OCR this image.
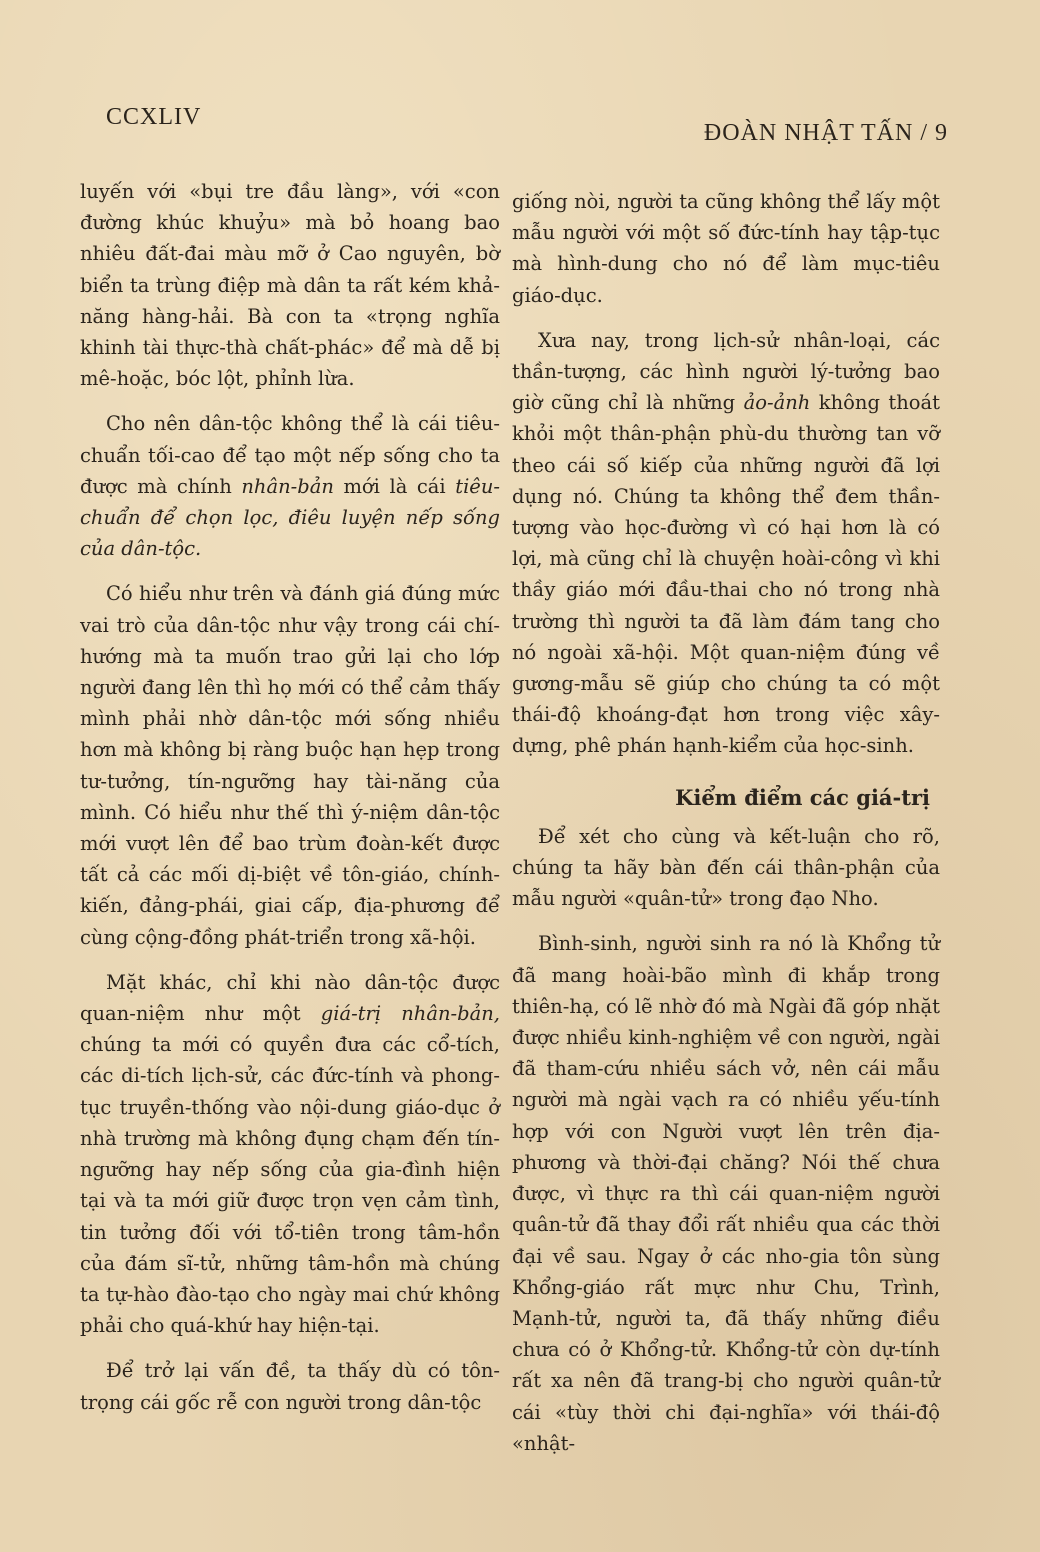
CCXLIV
ĐOÀN NHẬT TẤN / 9

luyến với «bụi tre đầu làng», với «con đường khúc khuỷu» mà bỏ hoang bao nhiêu đất-đai màu mỡ ở Cao nguyên, bờ biển ta trùng điệp mà dân ta rất kém khả-năng hàng-hải. Bà con ta «trọng nghĩa khinh tài thực-thà chất-phác» để mà dễ bị mê-hoặc, bóc lột, phỉnh lừa.

Cho nên dân-tộc không thể là cái tiêu-chuẩn tối-cao để tạo một nếp sống cho ta được mà chính nhân-bản mới là cái tiêu-chuẩn để chọn lọc, điêu luyện nếp sống của dân-tộc.

Có hiểu như trên và đánh giá đúng mức vai trò của dân-tộc như vậy trong cái chí-hướng mà ta muốn trao gửi lại cho lớp người đang lên thì họ mới có thể cảm thấy mình phải nhờ dân-tộc mới sống nhiều hơn mà không bị ràng buộc hạn hẹp trong tư-tưởng, tín-ngưỡng hay tài-năng của mình. Có hiểu như thế thì ý-niệm dân-tộc mới vượt lên để bao trùm đoàn-kết được tất cả các mối dị-biệt về tôn-giáo, chính-kiến, đảng-phái, giai cấp, địa-phương để cùng cộng-đồng phát-triển trong xã-hội.

Mặt khác, chỉ khi nào dân-tộc được quan-niệm như một giá-trị nhân-bản, chúng ta mới có quyền đưa các cổ-tích, các di-tích lịch-sử, các đức-tính và phong-tục truyền-thống vào nội-dung giáo-dục ở nhà trường mà không đụng chạm đến tín-ngưỡng hay nếp sống của gia-đình hiện tại và ta mới giữ được trọn vẹn cảm tình, tin tưởng đối với tổ-tiên trong tâm-hồn của đám sĩ-tử, những tâm-hồn mà chúng ta tự-hào đào-tạo cho ngày mai chứ không phải cho quá-khứ hay hiện-tại.

Để trở lại vấn đề, ta thấy dù có tôn-trọng cái gốc rễ con người trong dân-tộc

giống nòi, người ta cũng không thể lấy một mẫu người với một số đức-tính hay tập-tục mà hình-dung cho nó để làm mục-tiêu giáo-dục.

Xưa nay, trong lịch-sử nhân-loại, các thần-tượng, các hình người lý-tưởng bao giờ cũng chỉ là những ảo-ảnh không thoát khỏi một thân-phận phù-du thường tan vỡ theo cái số kiếp của những người đã lợi dụng nó. Chúng ta không thể đem thần-tượng vào học-đường vì có hại hơn là có lợi, mà cũng chỉ là chuyện hoài-công vì khi thầy giáo mới đầu-thai cho nó trong nhà trường thì người ta đã làm đám tang cho nó ngoài xã-hội. Một quan-niệm đúng về gương-mẫu sẽ giúp cho chúng ta có một thái-độ khoáng-đạt hơn trong việc xây-dựng, phê phán hạnh-kiểm của học-sinh.

Kiểm điểm các giá-trị

Để xét cho cùng và kết-luận cho rõ, chúng ta hãy bàn đến cái thân-phận của mẫu người «quân-tử» trong đạo Nho.

Bình-sinh, người sinh ra nó là Khổng tử đã mang hoài-bão mình đi khắp trong thiên-hạ, có lẽ nhờ đó mà Ngài đã góp nhặt được nhiều kinh-nghiệm về con người, ngài đã tham-cứu nhiều sách vở, nên cái mẫu người mà ngài vạch ra có nhiều yếu-tính hợp với con Người vượt lên trên địa-phương và thời-đại chăng? Nói thế chưa được, vì thực ra thì cái quan-niệm người quân-tử đã thay đổi rất nhiều qua các thời đại về sau. Ngay ở các nho-gia tôn sùng Khổng-giáo rất mực như Chu, Trình, Mạnh-tử, người ta, đã thấy những điều chưa có ở Khổng-tử. Khổng-tử còn dự-tính rất xa nên đã trang-bị cho người quân-tử cái «tùy thời chi đại-nghĩa» với thái-độ «nhật-
